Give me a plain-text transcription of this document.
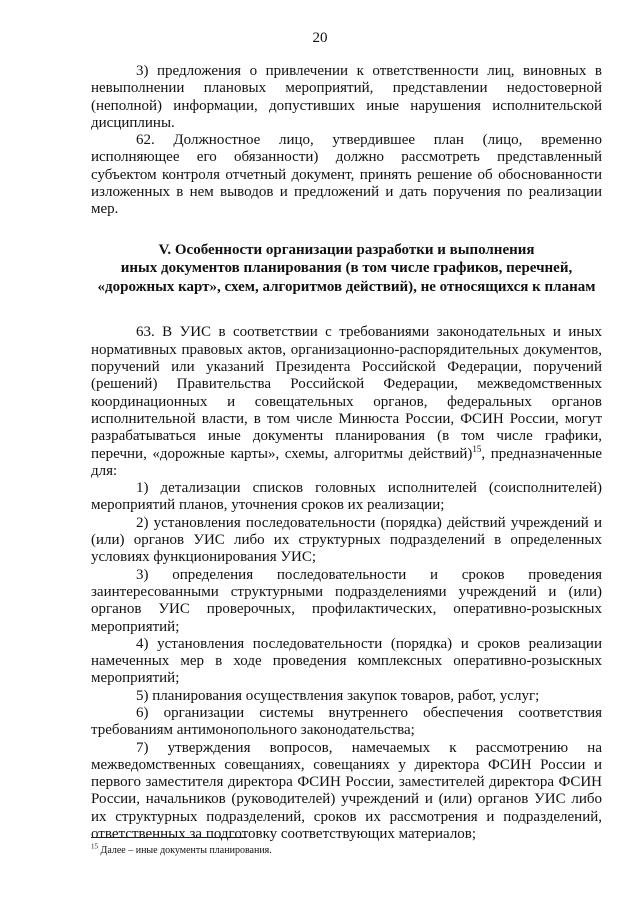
20

3) предложения о привлечении к ответственности лиц, виновных в невыполнении плановых мероприятий, представлении недостоверной (неполной) информации, допустивших иные нарушения исполнительской дисциплины.

62. Должностное лицо, утвердившее план (лицо, временно исполняющее его обязанности) должно рассмотреть представленный субъектом контроля отчетный документ, принять решение об обоснованности изложенных в нем выводов и предложений и дать поручения по реализации мер.

V. Особенности организации разработки и выполнения
иных документов планирования (в том числе графиков, перечней,
«дорожных карт», схем, алгоритмов действий), не относящихся к планам

63. В УИС в соответствии с требованиями законодательных и иных нормативных правовых актов, организационно-распорядительных документов, поручений или указаний Президента Российской Федерации, поручений (решений) Правительства Российской Федерации, межведомственных координационных и совещательных органов, федеральных органов исполнительной власти, в том числе Минюста России, ФСИН России, могут разрабатываться иные документы планирования (в том числе графики, перечни, «дорожные карты», схемы, алгоритмы действий)$^{15}$, предназначенные для:

1) детализации списков головных исполнителей (соисполнителей) мероприятий планов, уточнения сроков их реализации;

2) установления последовательности (порядка) действий учреждений и (или) органов УИС либо их структурных подразделений в определенных условиях функционирования УИС;

3) определения последовательности и сроков проведения заинтересованными структурными подразделениями учреждений и (или) органов УИС проверочных, профилактических, оперативно-розыскных мероприятий;

4) установления последовательности (порядка) и сроков реализации намеченных мер в ходе проведения комплексных оперативно-розыскных мероприятий;

5) планирования осуществления закупок товаров, работ, услуг;

6) организации системы внутреннего обеспечения соответствия требованиям антимонопольного законодательства;

7) утверждения вопросов, намечаемых к рассмотрению на межведомственных совещаниях, совещаниях у директора ФСИН России и первого заместителя директора ФСИН России, заместителей директора ФСИН России, начальников (руководителей) учреждений и (или) органов УИС либо их структурных подразделений, сроков их рассмотрения и подразделений, ответственных за подготовку соответствующих материалов;

$^{15}$ Далее – иные документы планирования.
